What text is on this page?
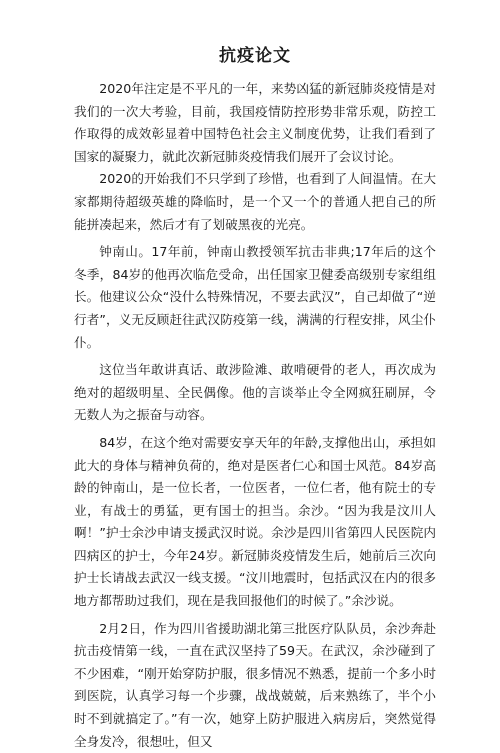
抗疫论文

2020年注定是不平凡的一年，来势凶猛的新冠肺炎疫情是对我们的一次大考验，目前，我国疫情防控形势非常乐观，防控工作取得的成效彰显着中国特色社会主义制度优势，让我们看到了国家的凝聚力，就此次新冠肺炎疫情我们展开了会议讨论。

2020的开始我们不只学到了珍惜，也看到了人间温情。在大家都期待超级英雄的降临时，是一个又一个的普通人把自己的所能拼凑起来，然后才有了划破黑夜的光亮。

钟南山。17年前，钟南山教授领军抗击非典;17年后的这个冬季，84岁的他再次临危受命，出任国家卫健委高级别专家组组长。他建议公众“没什么特殊情况，不要去武汉”，自己却做了“逆行者”，义无反顾赶往武汉防疫第一线，满满的行程安排，风尘仆仆。

这位当年敢讲真话、敢涉险滩、敢啃硬骨的老人，再次成为绝对的超级明星、全民偶像。他的言谈举止令全网疯狂刷屏，令无数人为之振奋与动容。

84岁，在这个绝对需要安享天年的年龄,支撑他出山，承担如此大的身体与精神负荷的，绝对是医者仁心和国士风范。84岁高龄的钟南山，是一位长者，一位医者，一位仁者，他有院士的专业，有战士的勇猛，更有国士的担当。余沙。“因为我是汶川人啊！”护士余沙申请支援武汉时说。余沙是四川省第四人民医院内四病区的护士，今年24岁。新冠肺炎疫情发生后，她前后三次向护士长请战去武汉一线支援。“汶川地震时，包括武汉在内的很多地方都帮助过我们，现在是我回报他们的时候了。”余沙说。

2月2日，作为四川省援助湖北第三批医疗队队员，余沙奔赴抗击疫情第一线，一直在武汉坚持了59天。在武汉，余沙碰到了不少困难，“刚开始穿防护服，很多情况不熟悉，提前一个多小时到医院，认真学习每一个步骤，战战兢兢，后来熟练了，半个小时不到就搞定了。”有一次，她穿上防护服进入病房后，突然觉得全身发冷，很想吐，但又
